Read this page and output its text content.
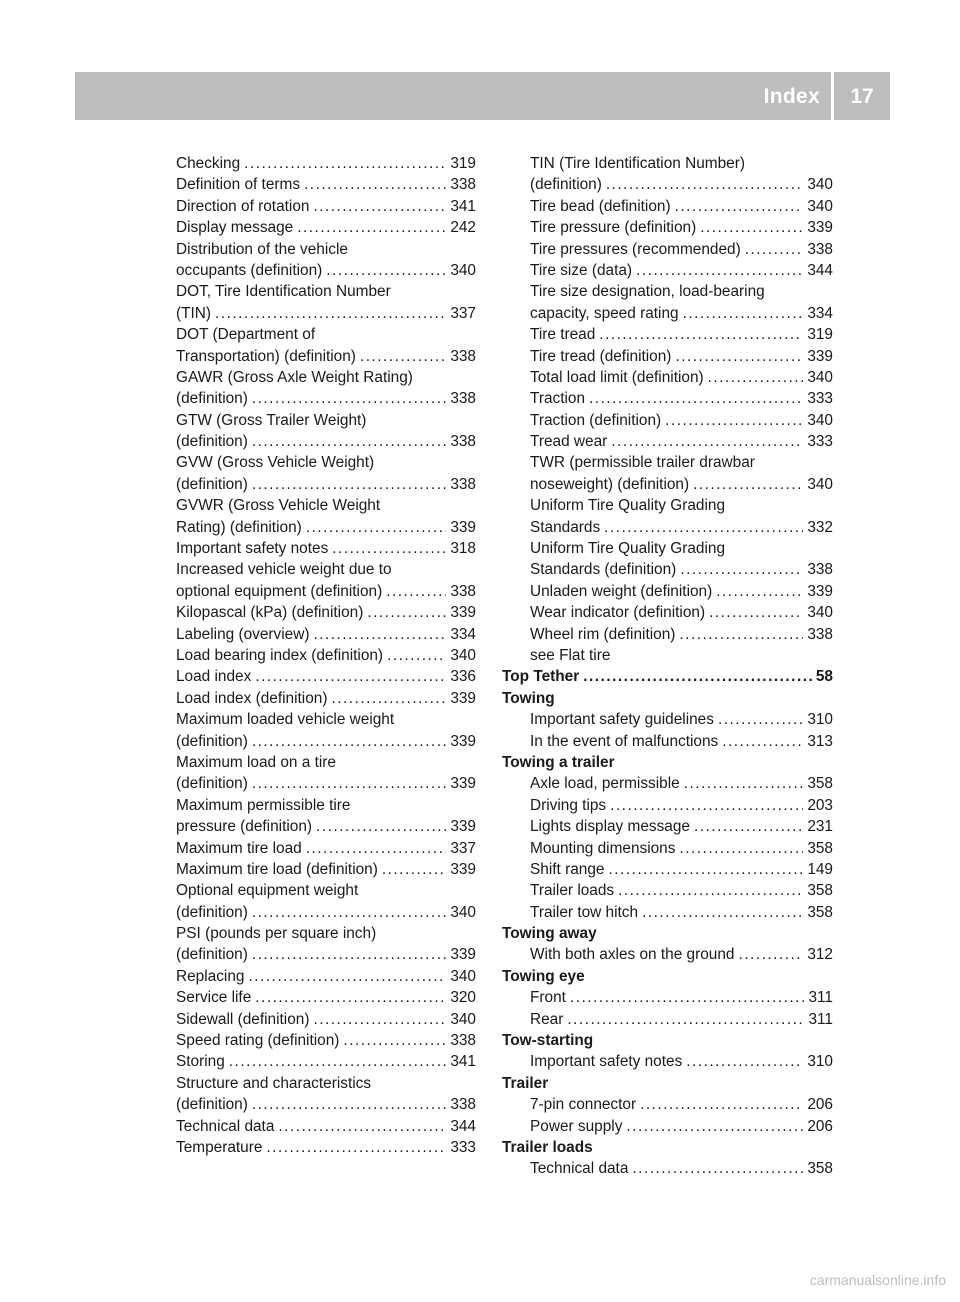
Index	17
Checking .....	319
Definition of terms .....	338
Direction of rotation .....	341
Display message .....	242
Distribution of the vehicle
occupants (definition) .....	340
DOT, Tire Identification Number
(TIN) .....	337
DOT (Department of
Transportation) (definition) .....	338
GAWR (Gross Axle Weight Rating)
(definition) .....	338
GTW (Gross Trailer Weight)
(definition) .....	338
GVW (Gross Vehicle Weight)
(definition) .....	338
GVWR (Gross Vehicle Weight
Rating) (definition) .....	339
Important safety notes .....	318
Increased vehicle weight due to
optional equipment (definition) .....	338
Kilopascal (kPa) (definition) .....	339
Labeling (overview) .....	334
Load bearing index (definition) .....	340
Load index .....	336
Load index (definition) .....	339
Maximum loaded vehicle weight
(definition) .....	339
Maximum load on a tire
(definition) .....	339
Maximum permissible tire
pressure (definition) .....	339
Maximum tire load .....	337
Maximum tire load (definition) .....	339
Optional equipment weight
(definition) .....	340
PSI (pounds per square inch)
(definition) .....	339
Replacing .....	340
Service life .....	320
Sidewall (definition) .....	340
Speed rating (definition) .....	338
Storing .....	341
Structure and characteristics
(definition) .....	338
Technical data .....	344
Temperature .....	333
TIN (Tire Identification Number)
(definition) .....	340
Tire bead (definition) .....	340
Tire pressure (definition) .....	339
Tire pressures (recommended) .....	338
Tire size (data) .....	344
Tire size designation, load-bearing
capacity, speed rating .....	334
Tire tread .....	319
Tire tread (definition) .....	339
Total load limit (definition) .....	340
Traction .....	333
Traction (definition) .....	340
Tread wear .....	333
TWR (permissible trailer drawbar
noseweight) (definition) .....	340
Uniform Tire Quality Grading
Standards .....	332
Uniform Tire Quality Grading
Standards (definition) .....	338
Unladen weight (definition) .....	339
Wear indicator (definition) .....	340
Wheel rim (definition) .....	338
see Flat tire
Top Tether .....	58
Towing
Important safety guidelines .....	310
In the event of malfunctions .....	313
Towing a trailer
Axle load, permissible .....	358
Driving tips .....	203
Lights display message .....	231
Mounting dimensions .....	358
Shift range .....	149
Trailer loads .....	358
Trailer tow hitch .....	358
Towing away
With both axles on the ground .....	312
Towing eye
Front .....	311
Rear .....	311
Tow-starting
Important safety notes .....	310
Trailer
7-pin connector .....	206
Power supply .....	206
Trailer loads
Technical data .....	358
carmanualsonline.info
